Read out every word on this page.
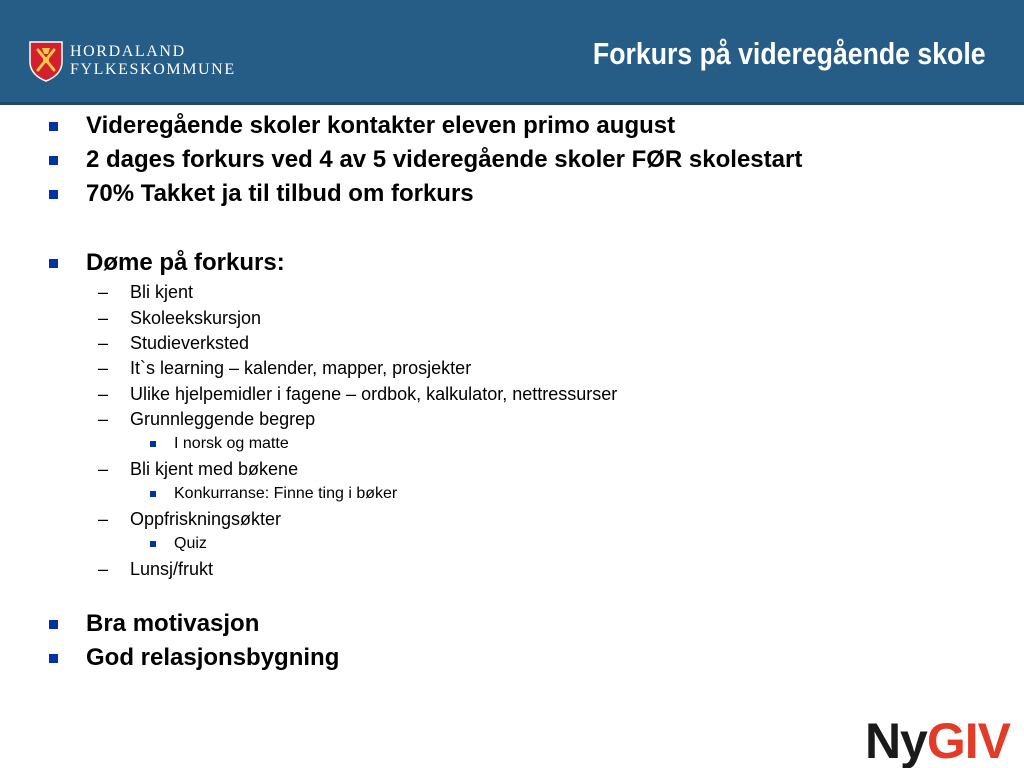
HORDALAND
FYLKESKOMMUNE	Forkurs på videregående skole
Videregående skoler kontakter eleven primo august
2 dages forkurs ved 4 av 5 videregående skoler FØR skolestart
70% Takket ja til tilbud om forkurs
Døme på forkurs:
– Bli kjent
– Skoleekskursjon
– Studieverksted
– It`s learning – kalender, mapper, prosjekter
– Ulike hjelpemidler i fagene – ordbok, kalkulator, nettressurser
– Grunnleggende begrep
I norsk og matte
– Bli kjent med bøkene
Konkurranse: Finne ting i bøker
– Oppfriskningsøkter
Quiz
– Lunsj/frukt
Bra motivasjon
God relasjonsbygning
NyGIV
